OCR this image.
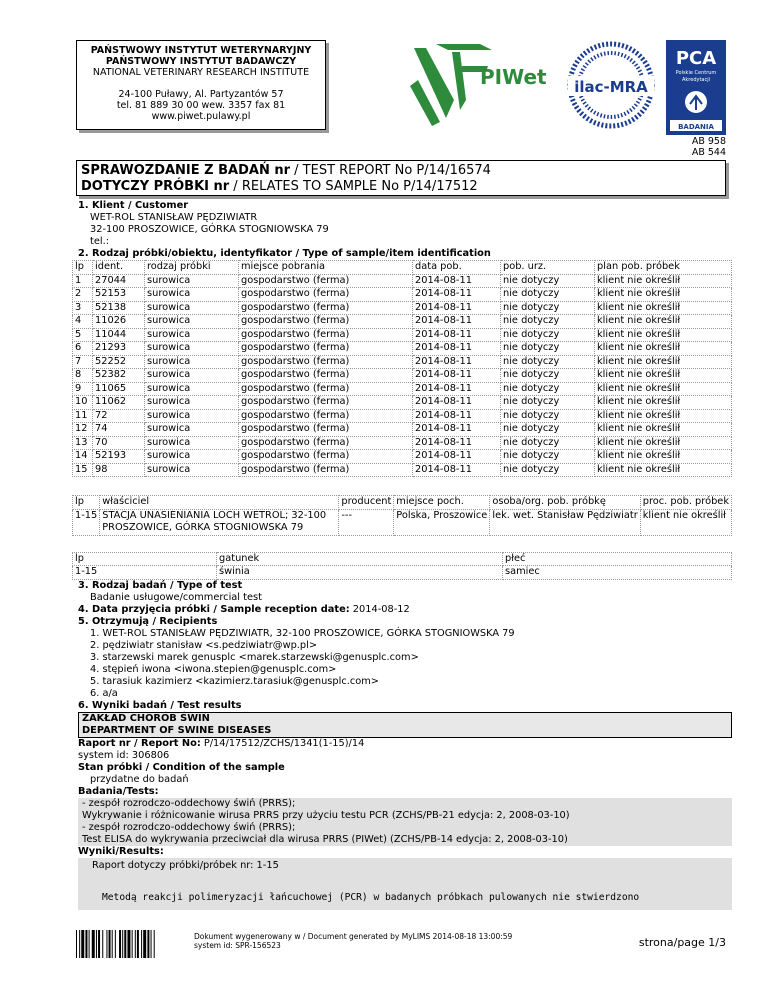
PAŃSTWOWY INSTYTUT WETERYNARYJNY
PAŃSTWOWY INSTYTUT BADAWCZY
NATIONAL VETERINARY RESEARCH INSTITUTE
24-100 Puławy, Al. Partyzantów 57
tel. 81 889 30 00 wew. 3357 fax 81
www.piwet.pulawy.pl
PIWet ilac-MRA
PCA
Polskie Centrum
Akredytacji
BADANIA
AB 958
AB 544
SPRAWOZDANIE Z BADAŃ nr / TEST REPORT No P/14/16574
DOTYCZY PRÓBKI nr / RELATES TO SAMPLE No P/14/17512
1. Klient / Customer
WET-ROL STANISŁAW PĘDZIWIATR
32-100 PROSZOWICE, GÓRKA STOGNIOWSKA 79
tel.:
2. Rodzaj próbki/obiektu, identyfikator / Type of sample/item identification
lp	ident.	rodzaj próbki	miejsce pobrania	data pob.	pob. urz.	plan pob. próbek
1	27044	surowica	gospodarstwo (ferma)	2014-08-11	nie dotyczy	klient nie określił
2	52153	surowica	gospodarstwo (ferma)	2014-08-11	nie dotyczy	klient nie określił
3	52138	surowica	gospodarstwo (ferma)	2014-08-11	nie dotyczy	klient nie określił
4	11026	surowica	gospodarstwo (ferma)	2014-08-11	nie dotyczy	klient nie określił
5	11044	surowica	gospodarstwo (ferma)	2014-08-11	nie dotyczy	klient nie określił
6	21293	surowica	gospodarstwo (ferma)	2014-08-11	nie dotyczy	klient nie określił
7	52252	surowica	gospodarstwo (ferma)	2014-08-11	nie dotyczy	klient nie określił
8	52382	surowica	gospodarstwo (ferma)	2014-08-11	nie dotyczy	klient nie określił
9	11065	surowica	gospodarstwo (ferma)	2014-08-11	nie dotyczy	klient nie określił
10	11062	surowica	gospodarstwo (ferma)	2014-08-11	nie dotyczy	klient nie określił
11	72	surowica	gospodarstwo (ferma)	2014-08-11	nie dotyczy	klient nie określił
12	74	surowica	gospodarstwo (ferma)	2014-08-11	nie dotyczy	klient nie określił
13	70	surowica	gospodarstwo (ferma)	2014-08-11	nie dotyczy	klient nie określił
14	52193	surowica	gospodarstwo (ferma)	2014-08-11	nie dotyczy	klient nie określił
15	98	surowica	gospodarstwo (ferma)	2014-08-11	nie dotyczy	klient nie określił
lp	właściciel	producent	miejsce poch.	osoba/org. pob. próbkę	proc. pob. próbek
1-15	STACJA UNASIENIANIA LOCH WETROL; 32-100 PROSZOWICE, GÓRKA STOGNIOWSKA 79	---	Polska, Proszowice	lek. wet. Stanisław Pędziwiatr	klient nie określił
lp	gatunek	płeć
1-15	świnia	samiec
3. Rodzaj badań / Type of test
Badanie usługowe/commercial test
4. Data przyjęcia próbki / Sample reception date: 2014-08-12
5. Otrzymują / Recipients
1. WET-ROL STANISŁAW PĘDZIWIATR, 32-100 PROSZOWICE, GÓRKA STOGNIOWSKA 79
2. pędziwiatr stanisław <s.pedziwiatr@wp.pl>
3. starzewski marek genusplc <marek.starzewski@genusplc.com>
4. stępień iwona <iwona.stepien@genusplc.com>
5. tarasiuk kazimierz <kazimierz.tarasiuk@genusplc.com>
6. a/a
6. Wyniki badań / Test results
ZAKŁAD CHORÓB ŚWIŃ
DEPARTMENT OF SWINE DISEASES
Raport nr / Report No: P/14/17512/ZCHS/1341(1-15)/14
system id: 306806
Stan próbki / Condition of the sample
przydatne do badań
Badania/Tests:
- zespół rozrodczo-oddechowy świń (PRRS);
Wykrywanie i różnicowanie wirusa PRRS przy użyciu testu PCR (ZCHS/PB-21 edycja: 2, 2008-03-10)
- zespół rozrodczo-oddechowy świń (PRRS);
Test ELISA do wykrywania przeciwciał dla wirusa PRRS (PIWet) (ZCHS/PB-14 edycja: 2, 2008-03-10)
Wyniki/Results:
Raport dotyczy próbki/próbek nr: 1-15
Metodą reakcji polimeryzacji łańcuchowej (PCR) w badanych próbkach pulowanych nie stwierdzono
Dokument wygenerowany w / Document generated by MyLIMS 2014-08-18 13:00:59
system id: SPR-156523	strona/page 1/3
